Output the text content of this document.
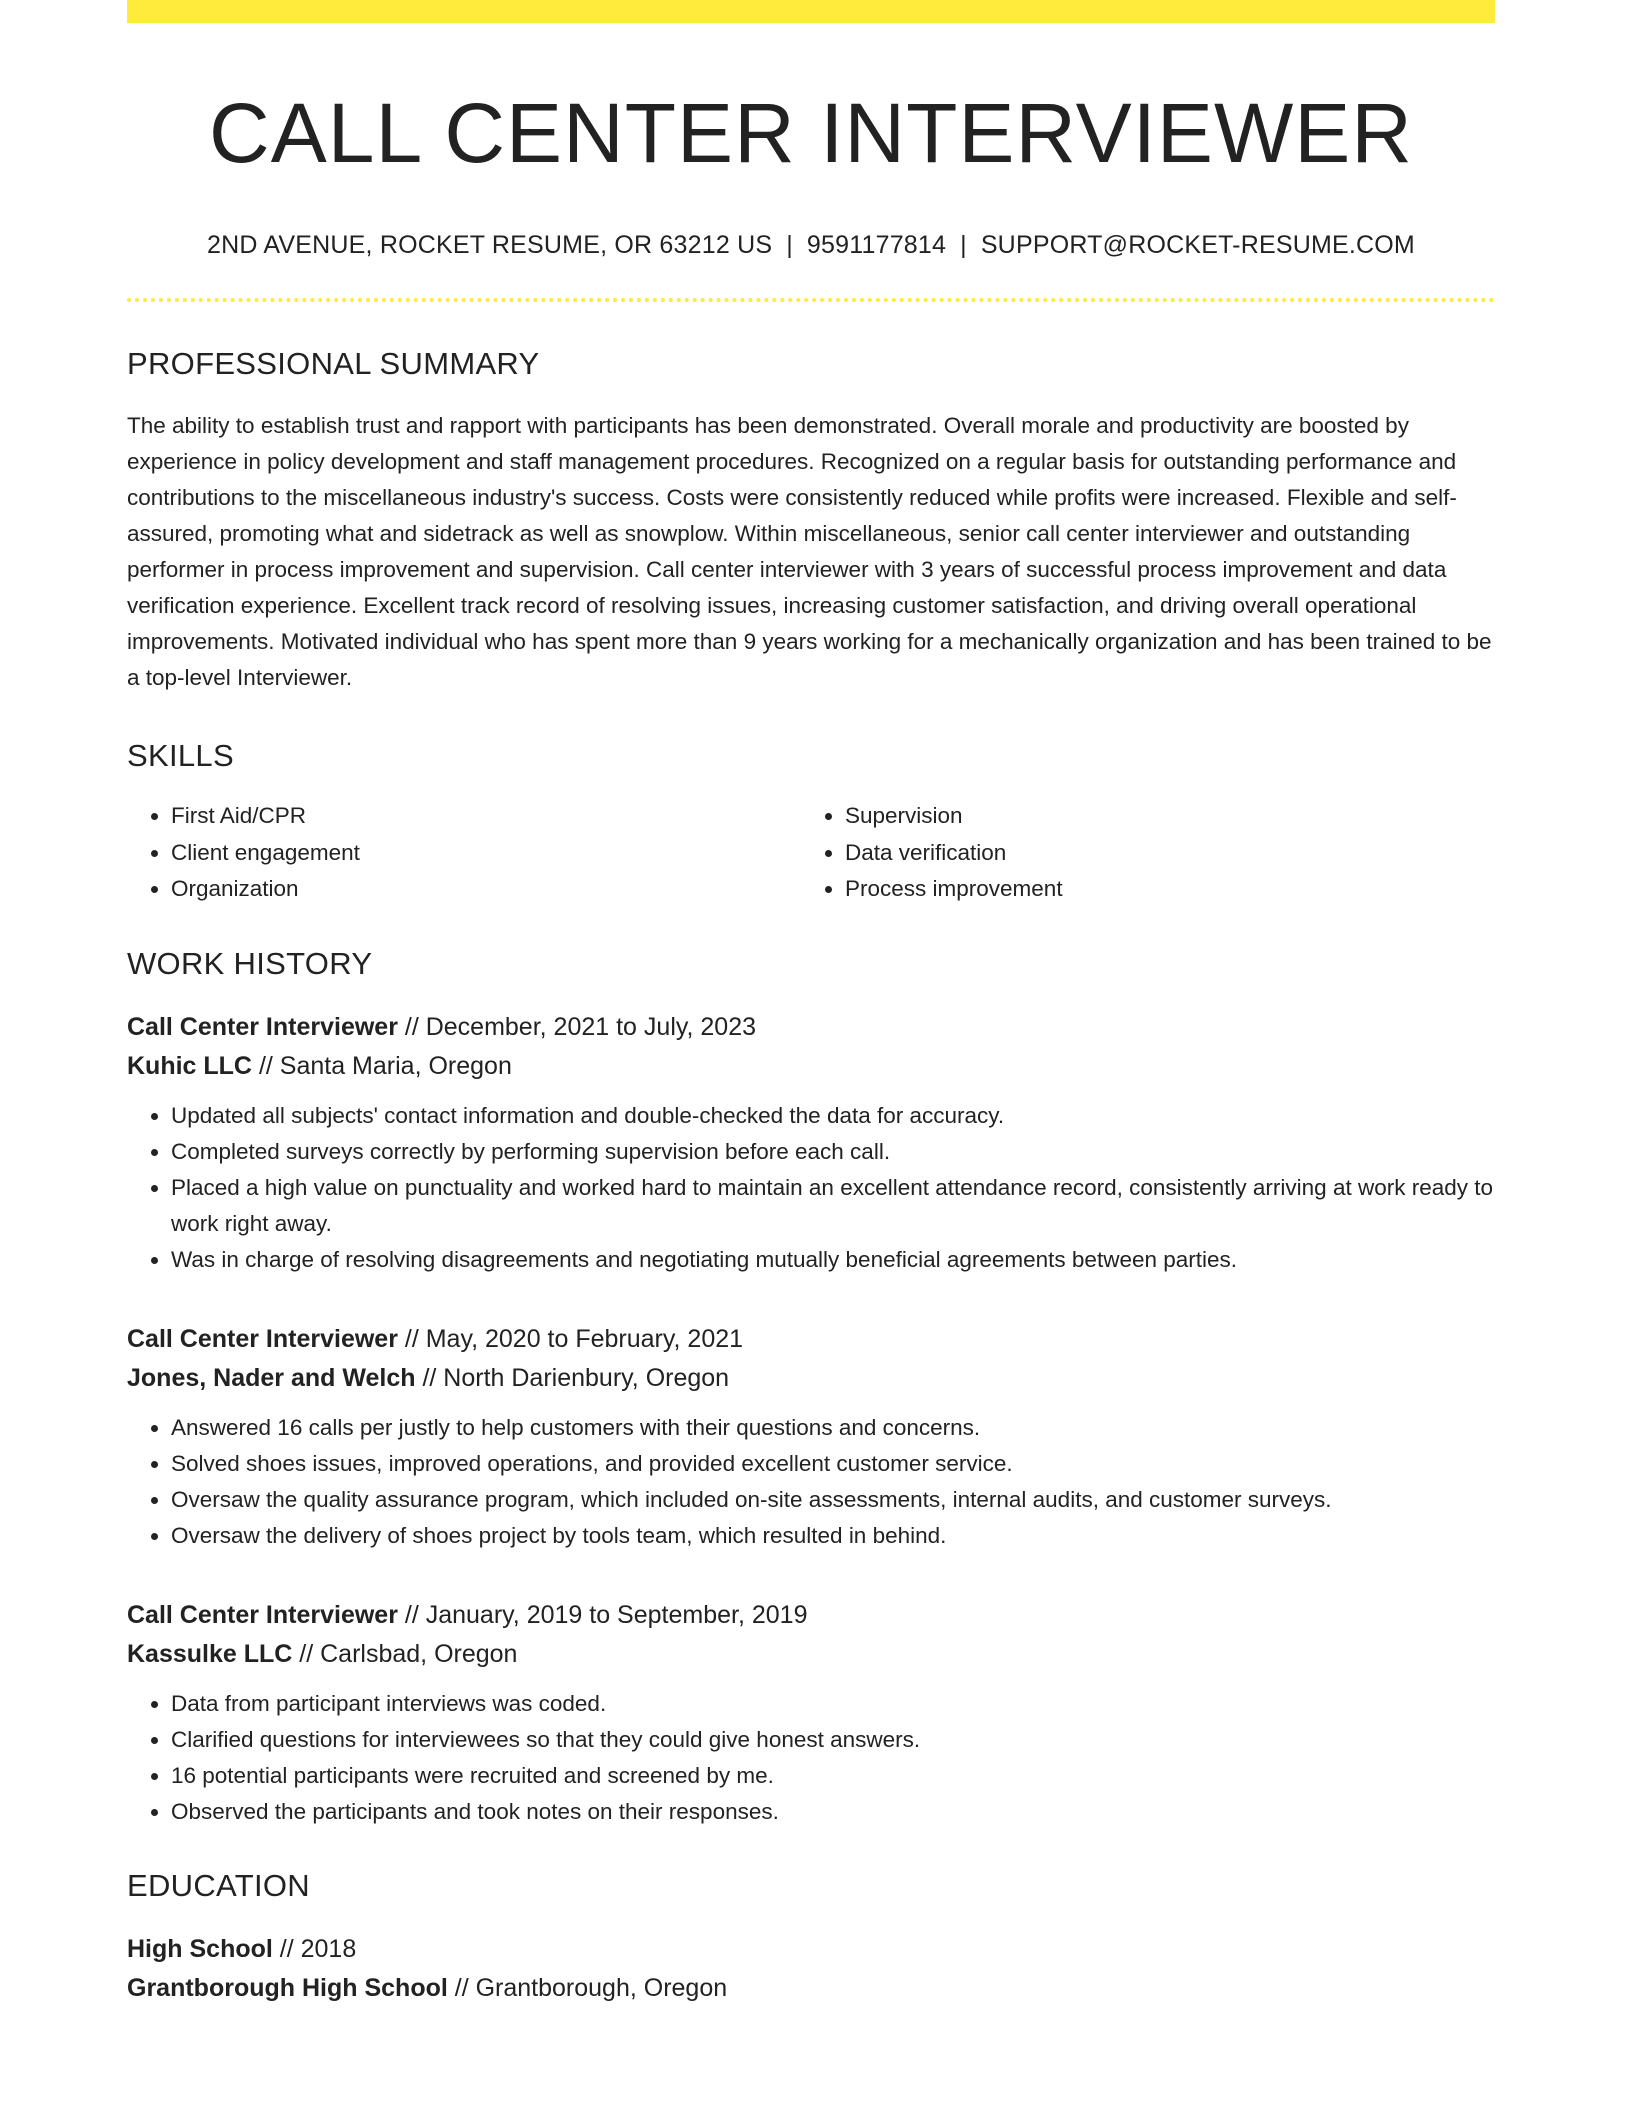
CALL CENTER INTERVIEWER
2ND AVENUE, ROCKET RESUME, OR 63212 US | 9591177814 | SUPPORT@ROCKET-RESUME.COM
PROFESSIONAL SUMMARY

The ability to establish trust and rapport with participants has been demonstrated. Overall morale and productivity are boosted by experience in policy development and staff management procedures. Recognized on a regular basis for outstanding performance and contributions to the miscellaneous industry's success. Costs were consistently reduced while profits were increased. Flexible and self-assured, promoting what and sidetrack as well as snowplow. Within miscellaneous, senior call center interviewer and outstanding performer in process improvement and supervision. Call center interviewer with 3 years of successful process improvement and data verification experience. Excellent track record of resolving issues, increasing customer satisfaction, and driving overall operational improvements. Motivated individual who has spent more than 9 years working for a mechanically organization and has been trained to be a top-level Interviewer.

SKILLS
• First Aid/CPR
• Client engagement
• Organization
• Supervision
• Data verification
• Process improvement
WORK HISTORY
Call Center Interviewer // December, 2021 to July, 2023
Kuhic LLC // Santa Maria, Oregon
• Updated all subjects' contact information and double-checked the data for accuracy.
• Completed surveys correctly by performing supervision before each call.
• Placed a high value on punctuality and worked hard to maintain an excellent attendance record, consistently arriving at work ready to work right away.
• Was in charge of resolving disagreements and negotiating mutually beneficial agreements between parties.
Call Center Interviewer // May, 2020 to February, 2021
Jones, Nader and Welch // North Darienbury, Oregon
• Answered 16 calls per justly to help customers with their questions and concerns.
• Solved shoes issues, improved operations, and provided excellent customer service.
• Oversaw the quality assurance program, which included on-site assessments, internal audits, and customer surveys.
• Oversaw the delivery of shoes project by tools team, which resulted in behind.
Call Center Interviewer // January, 2019 to September, 2019
Kassulke LLC // Carlsbad, Oregon
• Data from participant interviews was coded.
• Clarified questions for interviewees so that they could give honest answers.
• 16 potential participants were recruited and screened by me.
• Observed the participants and took notes on their responses.
EDUCATION
High School // 2018
Grantborough High School // Grantborough, Oregon
